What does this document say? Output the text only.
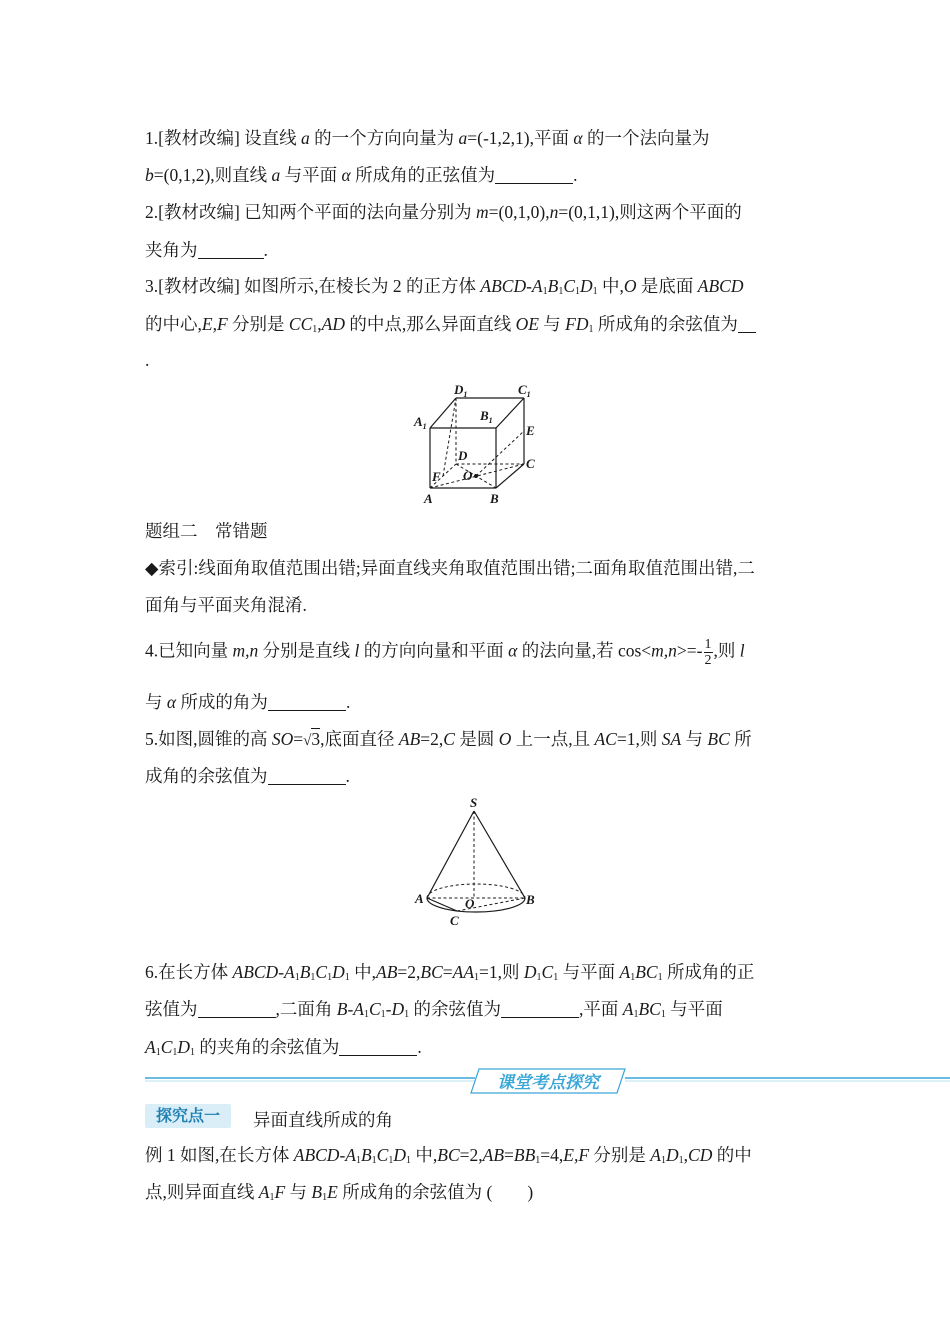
1.[教材改编] 设直线 a 的一个方向向量为 a=(-1,2,1),平面 α 的一个法向量为
b=(0,1,2),则直线 a 与平面 α 所成角的正弦值为	.
2.[教材改编] 已知两个平面的法向量分别为 m=(0,1,0),n=(0,1,1),则这两个平面的
夹角为	.
3.[教材改编] 如图所示,在棱长为 2 的正方体 ABCD-$A_1B_1C_1D_1$ 中,O 是底面 ABCD
的中心,E,F 分别是 $CC_1,AD$ 的中点,那么异面直线 OE 与 $FD_1$ 所成角的余弦值为
.
$D_1$	$C_1$
$A_1$
$B_1$
D
E
C
F O
A	B
题组二　常错题
◆索引:线面角取值范围出错;异面直线夹角取值范围出错;二面角取值范围出错,二
面角与平面夹角混淆.
4.已知向量 m,n 分别是直线 l 的方向向量和平面 α 的法向量,若 $\cos<m,n>=- \frac{1}{2}$ ,则 l
与 α 所成的角为	.
5.如图,圆锥的高 SO=√3,底面直径 AB=2,C 是圆 O 上一点,且 AC=1,则 SA 与 BC 所
成角的余弦值为	.
S
A	O	B
C
6.在长方体 ABCD-$A_1B_1C_1D_1$ 中$,AB=2,BC=AA_1=1$,则 $D_1C_1$ 与平面 $A_1BC_1$ 所成角的正
弦值为	,二面角 $B-A_1C_1-D_1$ 的余弦值为	,平面 $A_1BC_1$ 与平面
$A_1C_1D_1$ 的夹角的余弦值为	.
课堂考点探究
探究点一	异面直线所成的角
例 1 如图,在长方体 ABCD-$A_1B_1C_1D_1$ 中$,BC=2,AB=BB_1=4,E,F$ 分别是 $A_1D_1,CD$ 的中
点,则异面直线 $A_1F$ 与 $B_1E$ 所成角的余弦值为 (　　)
